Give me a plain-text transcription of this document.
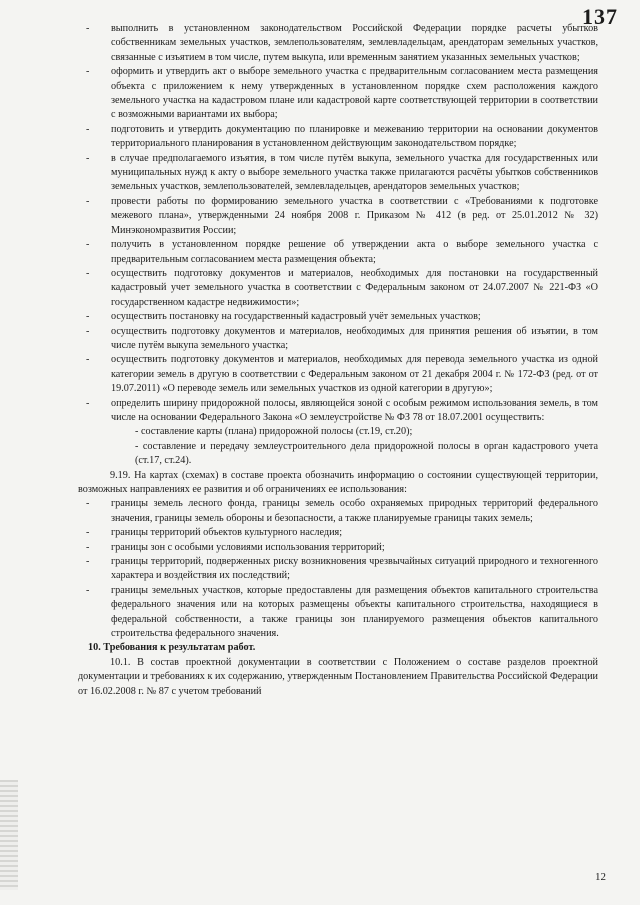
137
- выполнить в установленном законодательством Российской Федерации порядке расчеты убытков собственникам земельных участков, землепользователям, землевладельцам, арендаторам земельных участков, связанные с изъятием в том числе, путем выкупа, или временным занятием указанных земельных участков;
- оформить и утвердить акт о выборе земельного участка с предварительным согласованием места размещения объекта с приложением к нему утвержденных в установленном порядке схем расположения каждого земельного участка на кадастровом плане или кадастровой карте соответствующей территории в соответствии с возможными вариантами их выбора;
- подготовить и утвердить документацию по планировке и межеванию территории на основании документов территориального планирования в установленном действующим законодательством порядке;
- в случае предполагаемого изъятия, в том числе путём выкупа, земельного участка для государственных или муниципальных нужд к акту о выборе земельного участка также прилагаются расчёты убытков собственников земельных участков, землепользователей, землевладельцев, арендаторов земельных участков;
- провести работы по формированию земельного участка в соответствии с «Требованиями к подготовке межевого плана», утвержденными 24 ноября 2008 г. Приказом № 412 (в ред. от 25.01.2012 № 32) Минэкономразвития России;
- получить в установленном порядке решение об утверждении акта о выборе земельного участка с предварительным согласованием места размещения объекта;
- осуществить подготовку документов и материалов, необходимых для постановки на государственный кадастровый учет земельного участка в соответствии с Федеральным законом от 24.07.2007 № 221-ФЗ «О государственном кадастре недвижимости»;
- осуществить постановку на государственный кадастровый учёт земельных участков;
- осуществить подготовку документов и материалов, необходимых для принятия решения об изъятии, в том числе путём выкупа земельного участка;
- осуществить подготовку документов и материалов, необходимых для перевода земельного участка из одной категории земель в другую в соответствии с Федеральным законом от 21 декабря 2004 г. № 172-ФЗ (ред. от от 19.07.2011) «О переводе земель или земельных участков из одной категории в другую»;
- определить ширину придорожной полосы, являющейся зоной с особым режимом использования земель, в том числе на основании Федерального Закона «О землеустройстве № ФЗ 78 от 18.07.2001 осуществить:
- составление карты (плана) придорожной полосы (ст.19, ст.20);
- составление и передачу землеустроительного дела придорожной полосы в орган кадастрового учета (ст.17, ст.24).

9.19. На картах (схемах) в составе проекта обозначить информацию о состоянии существующей территории, возможных направлениях ее развития и об ограничениях ее использования:

- границы земель лесного фонда, границы земель особо охраняемых природных территорий федерального значения, границы земель обороны и безопасности, а также планируемые границы таких земель;
- границы территорий объектов культурного наследия;
- границы зон с особыми условиями использования территорий;
- границы территорий, подверженных риску возникновения чрезвычайных ситуаций природного и техногенного характера и воздействия их последствий;
- границы земельных участков, которые предоставлены для размещения объектов капитального строительства федерального значения или на которых размещены объекты капитального строительства, находящиеся в федеральной собственности, а также границы зон планируемого размещения объектов капитального строительства федерального значения.

10. Требования к результатам работ.

10.1. В состав проектной документации в соответствии с Положением о составе разделов проектной документации и требованиях к их содержанию, утвержденным Постановлением Правительства Российской Федерации от 16.02.2008 г. № 87 с учетом требований

12
